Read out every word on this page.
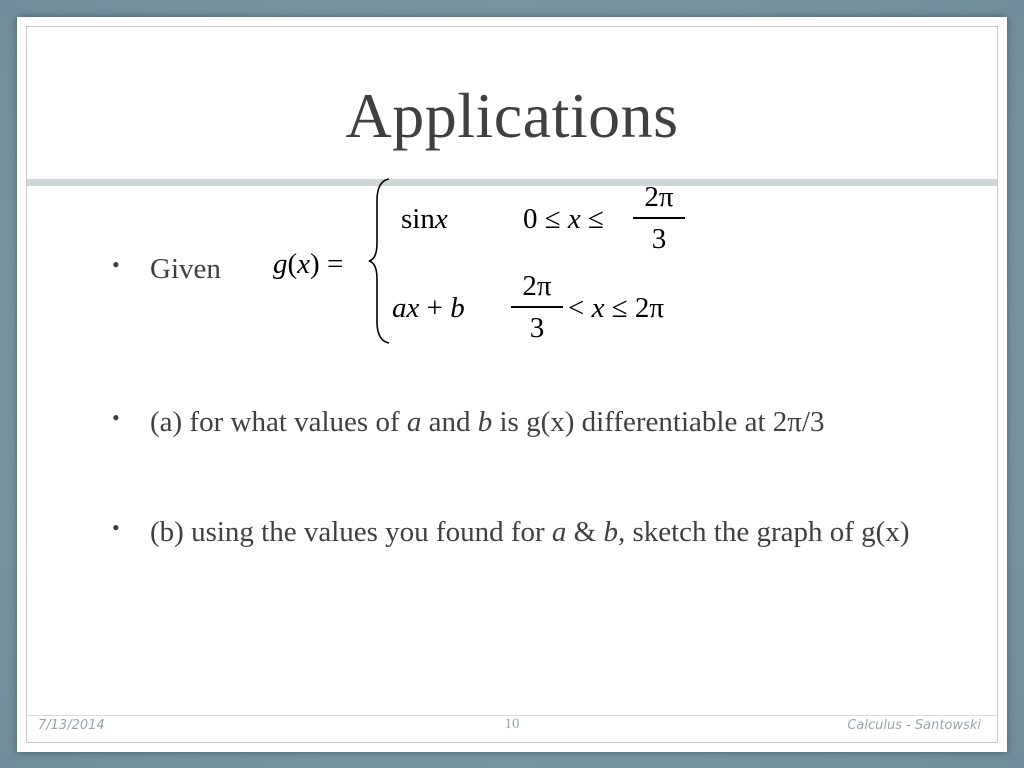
Applications
• Given g(x) =
sinx	0 ≤ x ≤
2π
3
ax + b
2π
3
< x ≤ 2π
• (a) for what values of a and b is g(x) differentiable at 2π/3
• (b) using the values you found for a & b, sketch the graph of g(x)
7/13/2014	10	Calculus - Santowski
